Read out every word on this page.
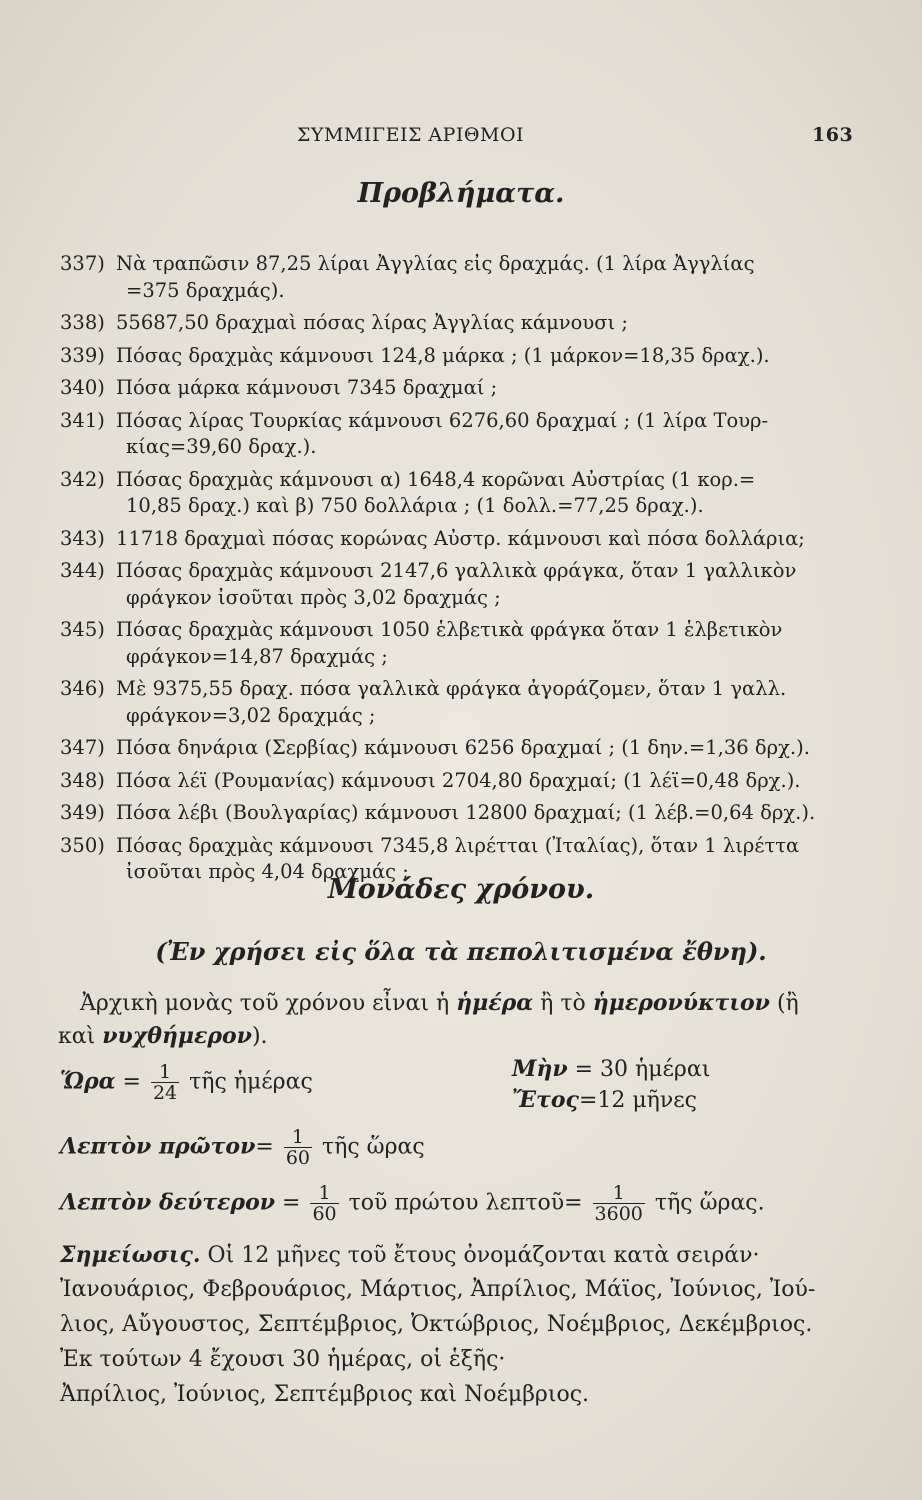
ΣΥΜΜΙΓΕΙΣ ΑΡΙΘΜΟΙ	163
Προβλήματα.
337) Νὰ τραπῶσιν 87,25 λίραι Ἀγγλίας εἰς δραχμάς. (1 λίρα Ἀγγλίας
=375 δραχμάς).
338) 55687,50 δραχμαὶ πόσας λίρας Ἀγγλίας κάμνουσι ;
339) Πόσας δραχμὰς κάμνουσι 124,8 μάρκα ; (1 μάρκον=18,35 δραχ.).
340) Πόσα μάρκα κάμνουσι 7345 δραχμαί ;
341) Πόσας λίρας Τουρκίας κάμνουσι 6276,60 δραχμαί ; (1 λίρα Τουρ-
κίας=39,60 δραχ.).
342) Πόσας δραχμὰς κάμνουσι α) 1648,4 κορῶναι Αὐστρίας (1 κορ.=
10,85 δραχ.) καὶ β) 750 δολλάρια ; (1 δολλ.=77,25 δραχ.).
343) 11718 δραχμαὶ πόσας κορώνας Αὐστρ. κάμνουσι καὶ πόσα δολλάρια;
344) Πόσας δραχμὰς κάμνουσι 2147,6 γαλλικὰ φράγκα, ὅταν 1 γαλλικὸν
φράγκον ἰσοῦται πρὸς 3,02 δραχμάς ;
345) Πόσας δραχμὰς κάμνουσι 1050 ἑλβετικὰ φράγκα ὅταν 1 ἑλβετικὸν
φράγκον=14,87 δραχμάς ;
346) Μὲ 9375,55 δραχ. πόσα γαλλικὰ φράγκα ἀγοράζομεν, ὅταν 1 γαλλ.
φράγκον=3,02 δραχμάς ;
347) Πόσα δηνάρια (Σερβίας) κάμνουσι 6256 δραχμαί ; (1 δην.=1,36 δρχ.).
348) Πόσα λέϊ (Ρουμανίας) κάμνουσι 2704,80 δραχμαί; (1 λέϊ=0,48 δρχ.).
349) Πόσα λέβι (Βουλγαρίας) κάμνουσι 12800 δραχμαί; (1 λέβ.=0,64 δρχ.).
350) Πόσας δραχμὰς κάμνουσι 7345,8 λιρέτται (Ἰταλίας), ὅταν 1 λιρέττα
ἰσοῦται πρὸς 4,04 δραχμάς ;
Μονάδες χρόνου.
(Ἐν χρήσει εἰς ὅλα τὰ πεπολιτισμένα ἔθνη).
Ἀρχικὴ μονὰς τοῦ χρόνου εἶναι ἡ ἡμέρα ἢ τὸ ἡμερονύκτιον (ἢ
καὶ νυχθήμερον).
Ὥρα = $\frac{1}{24}$ τῆς ἡμέρας	Μὴν = 30 ἡμέραι
Ἔτος=12 μῆνες
Λεπτὸν πρῶτον= $\frac{1}{60}$ τῆς ὥρας
Λεπτὸν $\delta\varepsilon ύ\tau\varepsilon\rho o\nu = \frac{1}{60}$ τοῦ πρώτου λεπτοῦ= $\frac{1}{3600}$ τῆς ὥρας.
Σημείωσις. Οἱ 12 μῆνες τοῦ ἔτους ὀνομάζονται κατὰ σειράν·
Ἰανουάριος, Φεβρουάριος, Μάρτιος, Ἀπρίλιος, Μάϊος, Ἰούνιος, Ἰού-
λιος, Αὔγουστος, Σεπτέμβριος, Ὀκτώβριος, Νοέμβριος, Δεκέμβριος.
Ἐκ τούτων 4 ἔχουσι 30 ἡμέρας, οἱ ἑξῆς·
Ἀπρίλιος, Ἰούνιος, Σεπτέμβριος καὶ Νοέμβριος.
